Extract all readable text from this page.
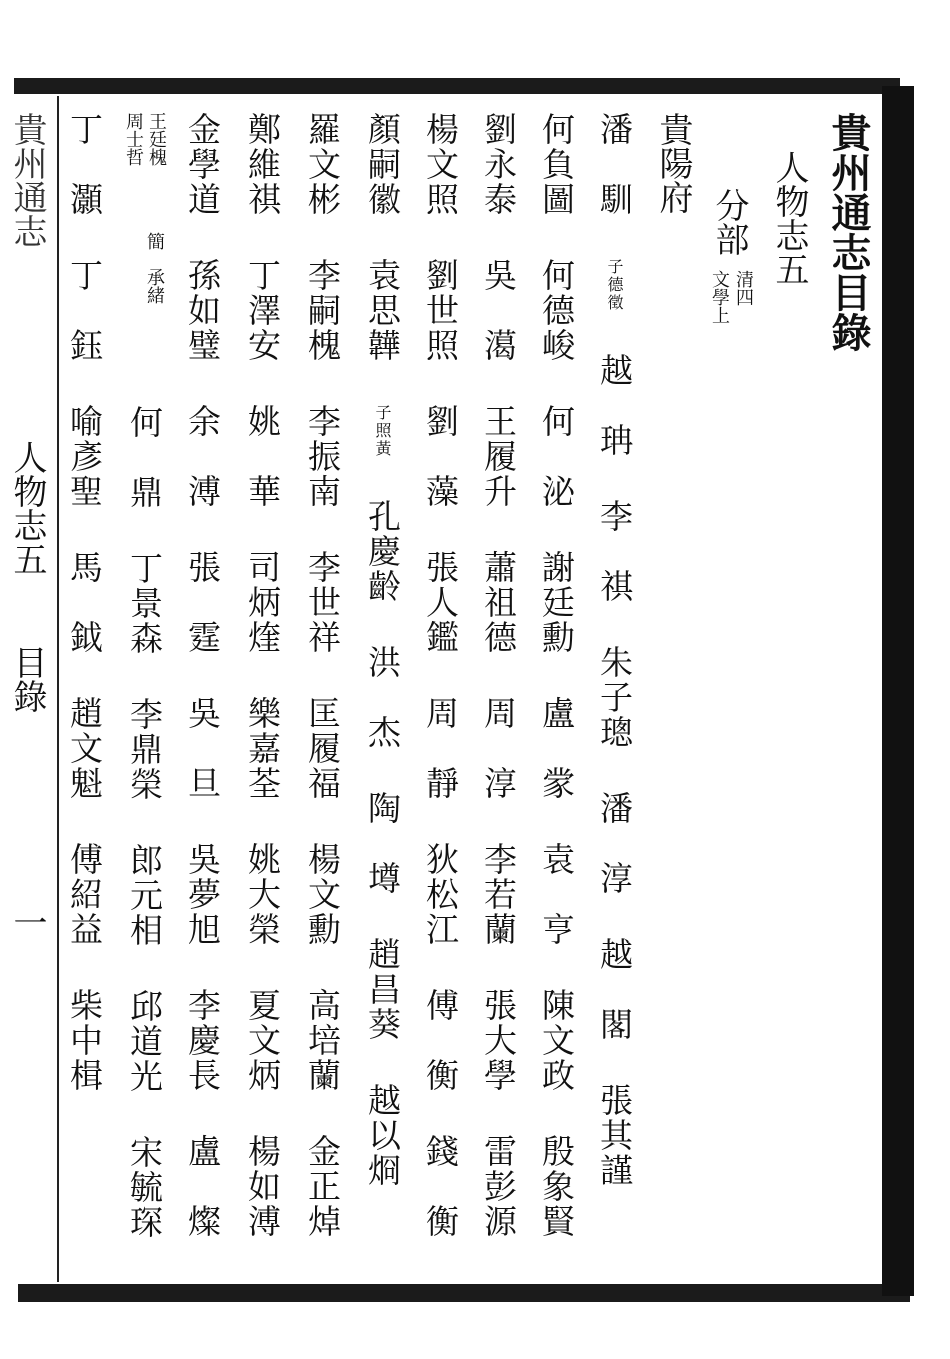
貴州通志目錄
人物志五
分部
清四
文學上
貴陽府
潘　馴 子德徵 越　珃 李　祺 朱子璁 潘　淳 越　閣 張其謹
何負圖 何德峻 何　泌 謝廷勳 盧　䝉 袁　亨 陳文政 殷象賢
劉永泰 吳　㵧 王履升 蕭祖德 周　淳 李若蘭 張大學 雷彭源
楊文照 劉世照 劉　藻 張人鑑 周　靜 狄松江 傅　衡 錢　衡
顏嗣徽 袁思韡 子照黃 孔慶齡 洪　杰 陶　壿 趙昌葵 越以烱
羅文彬 李嗣槐 李振南 李世祥 匡履福 楊文勳 高培蘭 金正焯
鄭維祺 丁澤安 姚　華 司炳煃 樂嘉荃 姚大榮 夏文炳 楊如溥
金學道 孫如璧 余　溥 張　霆 吳　旦 吳夢旭 李慶長 盧　燦
王廷槐
周士哲
簡　承緒
何　鼎 丁景森 李鼎榮 郎元相 邱道光 宋毓琛
丁　灝 丁　鈺 喻彥聖 馬　鉞 趙文魁 傅紹益 柴中楫
貴州通志
人物志五
目錄
一
